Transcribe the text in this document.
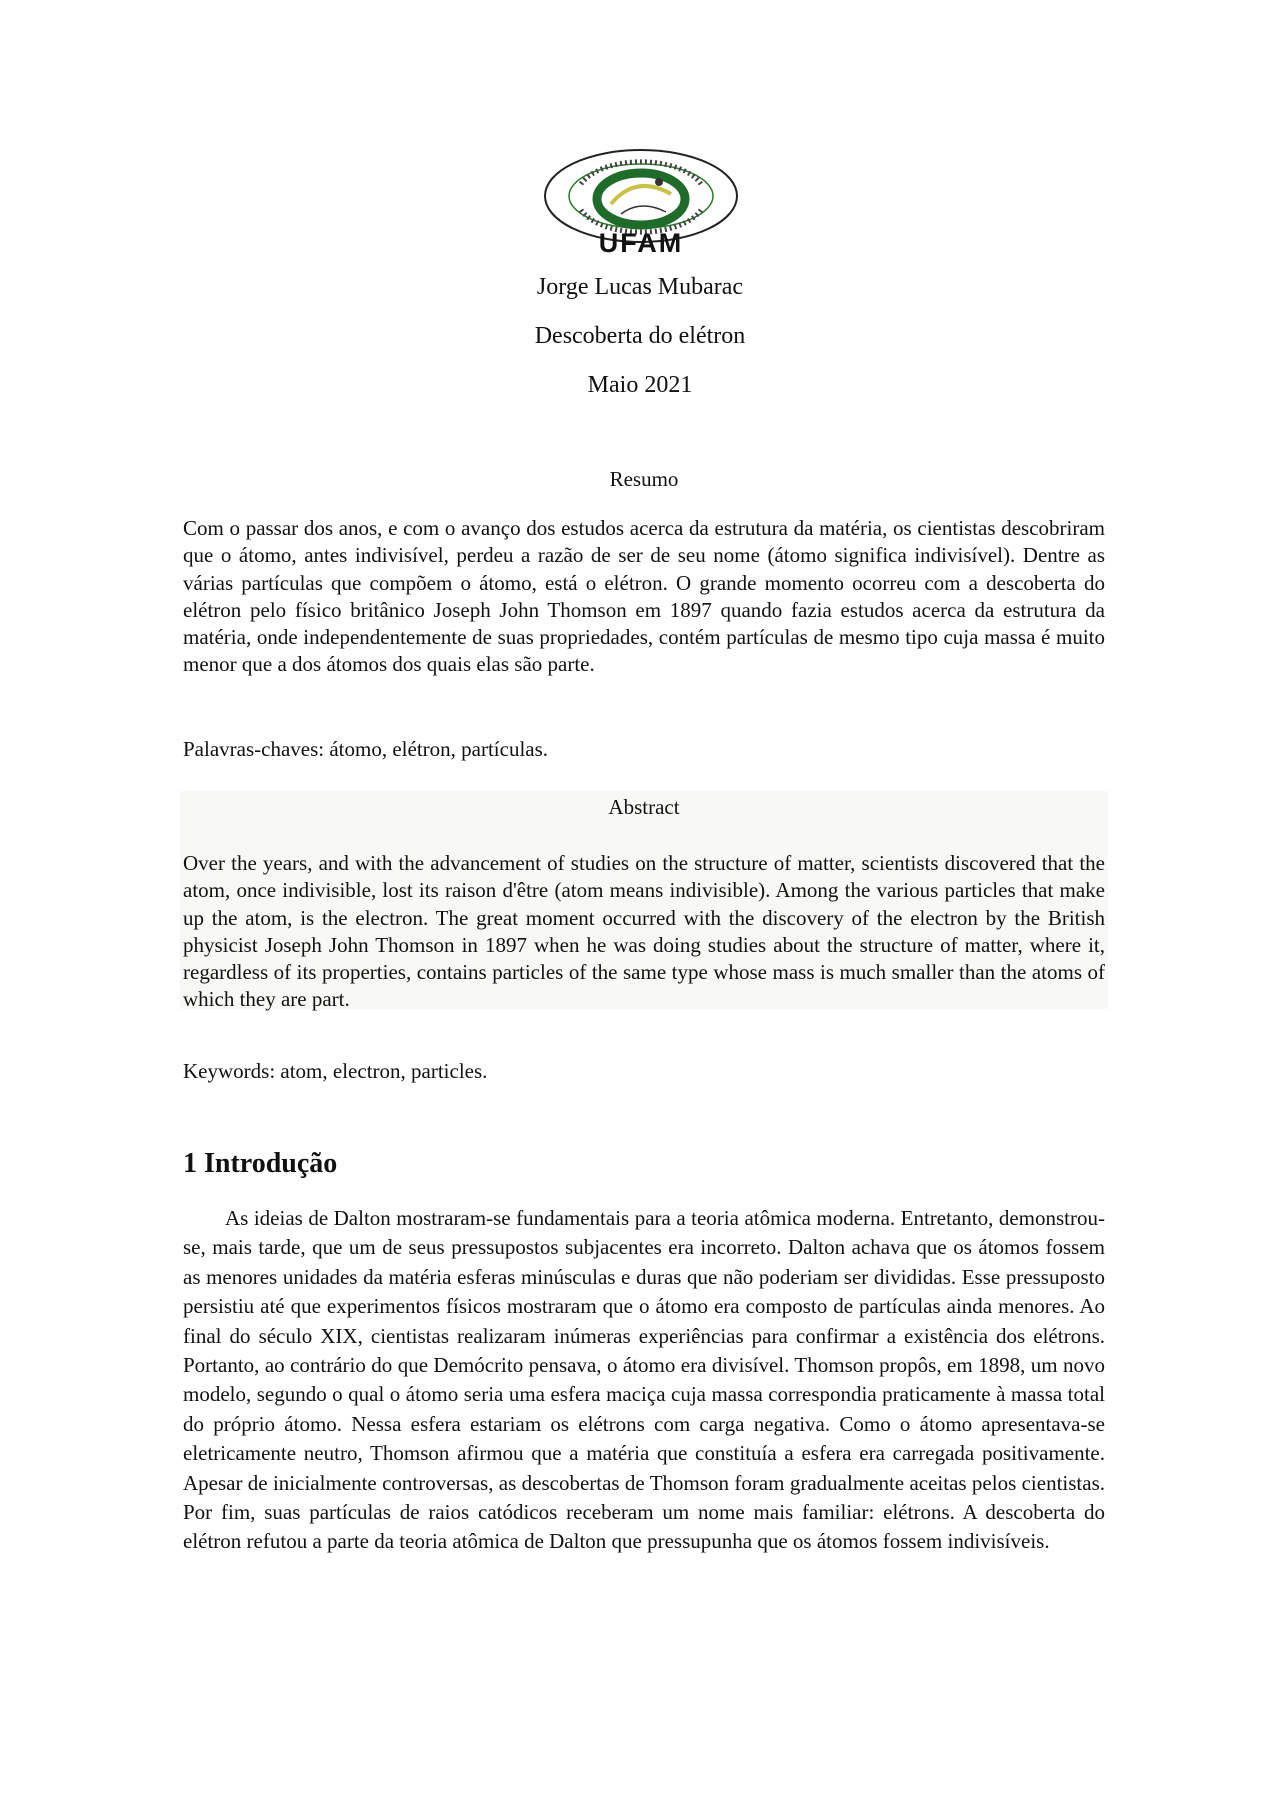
UFAM
Jorge Lucas Mubarac
Descoberta do elétron
Maio 2021
Resumo

Com o passar dos anos, e com o avanço dos estudos acerca da estrutura da matéria, os cientistas descobriram que o átomo, antes indivisível, perdeu a razão de ser de seu nome (átomo significa indivisível). Dentre as várias partículas que compõem o átomo, está o elétron. O grande momento ocorreu com a descoberta do elétron pelo físico britânico Joseph John Thomson em 1897 quando fazia estudos acerca da estrutura da matéria, onde independentemente de suas propriedades, contém partículas de mesmo tipo cuja massa é muito menor que a dos átomos dos quais elas são parte.

Palavras-chaves: átomo, elétron, partículas.
Abstract

Over the years, and with the advancement of studies on the structure of matter, scientists discovered that the atom, once indivisible, lost its raison d'être (atom means indivisible). Among the various particles that make up the atom, is the electron. The great moment occurred with the discovery of the electron by the British physicist Joseph John Thomson in 1897 when he was doing studies about the structure of matter, where it, regardless of its properties, contains particles of the same type whose mass is much smaller than the atoms of which they are part.

Keywords: atom, electron, particles.
1 Introdução

As ideias de Dalton mostraram-se fundamentais para a teoria atômica moderna. Entretanto, demonstrou-se, mais tarde, que um de seus pressupostos subjacentes era incorreto. Dalton achava que os átomos fossem as menores unidades da matéria esferas minúsculas e duras que não poderiam ser divididas. Esse pressuposto persistiu até que experimentos físicos mostraram que o átomo era composto de partículas ainda menores. Ao final do século XIX, cientistas realizaram inúmeras experiências para confirmar a existência dos elétrons. Portanto, ao contrário do que Demócrito pensava, o átomo era divisível. Thomson propôs, em 1898, um novo modelo, segundo o qual o átomo seria uma esfera maciça cuja massa correspondia praticamente à massa total do próprio átomo. Nessa esfera estariam os elétrons com carga negativa. Como o átomo apresentava-se eletricamente neutro, Thomson afirmou que a matéria que constituía a esfera era carregada positivamente. Apesar de inicialmente controversas, as descobertas de Thomson foram gradualmente aceitas pelos cientistas. Por fim, suas partículas de raios catódicos receberam um nome mais familiar: elétrons. A descoberta do elétron refutou a parte da teoria atômica de Dalton que pressupunha que os átomos fossem indivisíveis.
